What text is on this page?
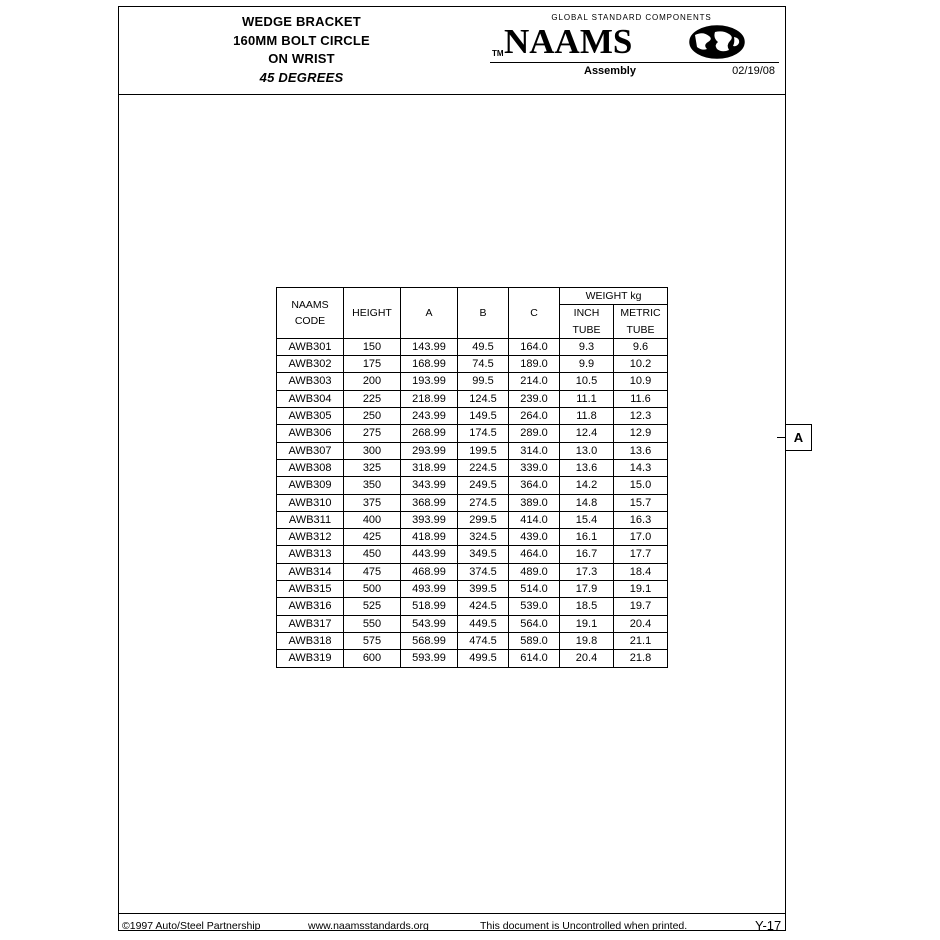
WEDGE BRACKET
160MM BOLT CIRCLE
ON WRIST
45 DEGREES
GLOBAL STANDARD COMPONENTS
TM NAAMS
Assembly	02/19/08
NAAMS
CODE	HEIGHT	A	B	C	WEIGHT kg	
					INCH TUBE	METRIC TUBE
AWB301	150	143.99	49.5	164.0	9.3	9.6
AWB302	175	168.99	74.5	189.0	9.9	10.2
AWB303	200	193.99	99.5	214.0	10.5	10.9
AWB304	225	218.99	124.5	239.0	11.1	11.6
AWB305	250	243.99	149.5	264.0	11.8	12.3
AWB306	275	268.99	174.5	289.0	12.4	12.9
AWB307	300	293.99	199.5	314.0	13.0	13.6
AWB308	325	318.99	224.5	339.0	13.6	14.3
AWB309	350	343.99	249.5	364.0	14.2	15.0
AWB310	375	368.99	274.5	389.0	14.8	15.7
AWB311	400	393.99	299.5	414.0	15.4	16.3
AWB312	425	418.99	324.5	439.0	16.1	17.0
AWB313	450	443.99	349.5	464.0	16.7	17.7
AWB314	475	468.99	374.5	489.0	17.3	18.4
AWB315	500	493.99	399.5	514.0	17.9	19.1
AWB316	525	518.99	424.5	539.0	18.5	19.7
AWB317	550	543.99	449.5	564.0	19.1	20.4
AWB318	575	568.99	474.5	589.0	19.8	21.1
AWB319	600	593.99	499.5	614.0	20.4	21.8
A
©1997 Auto/Steel Partnership	www.naamsstandards.org	This document is Uncontrolled when printed.	Y-17
